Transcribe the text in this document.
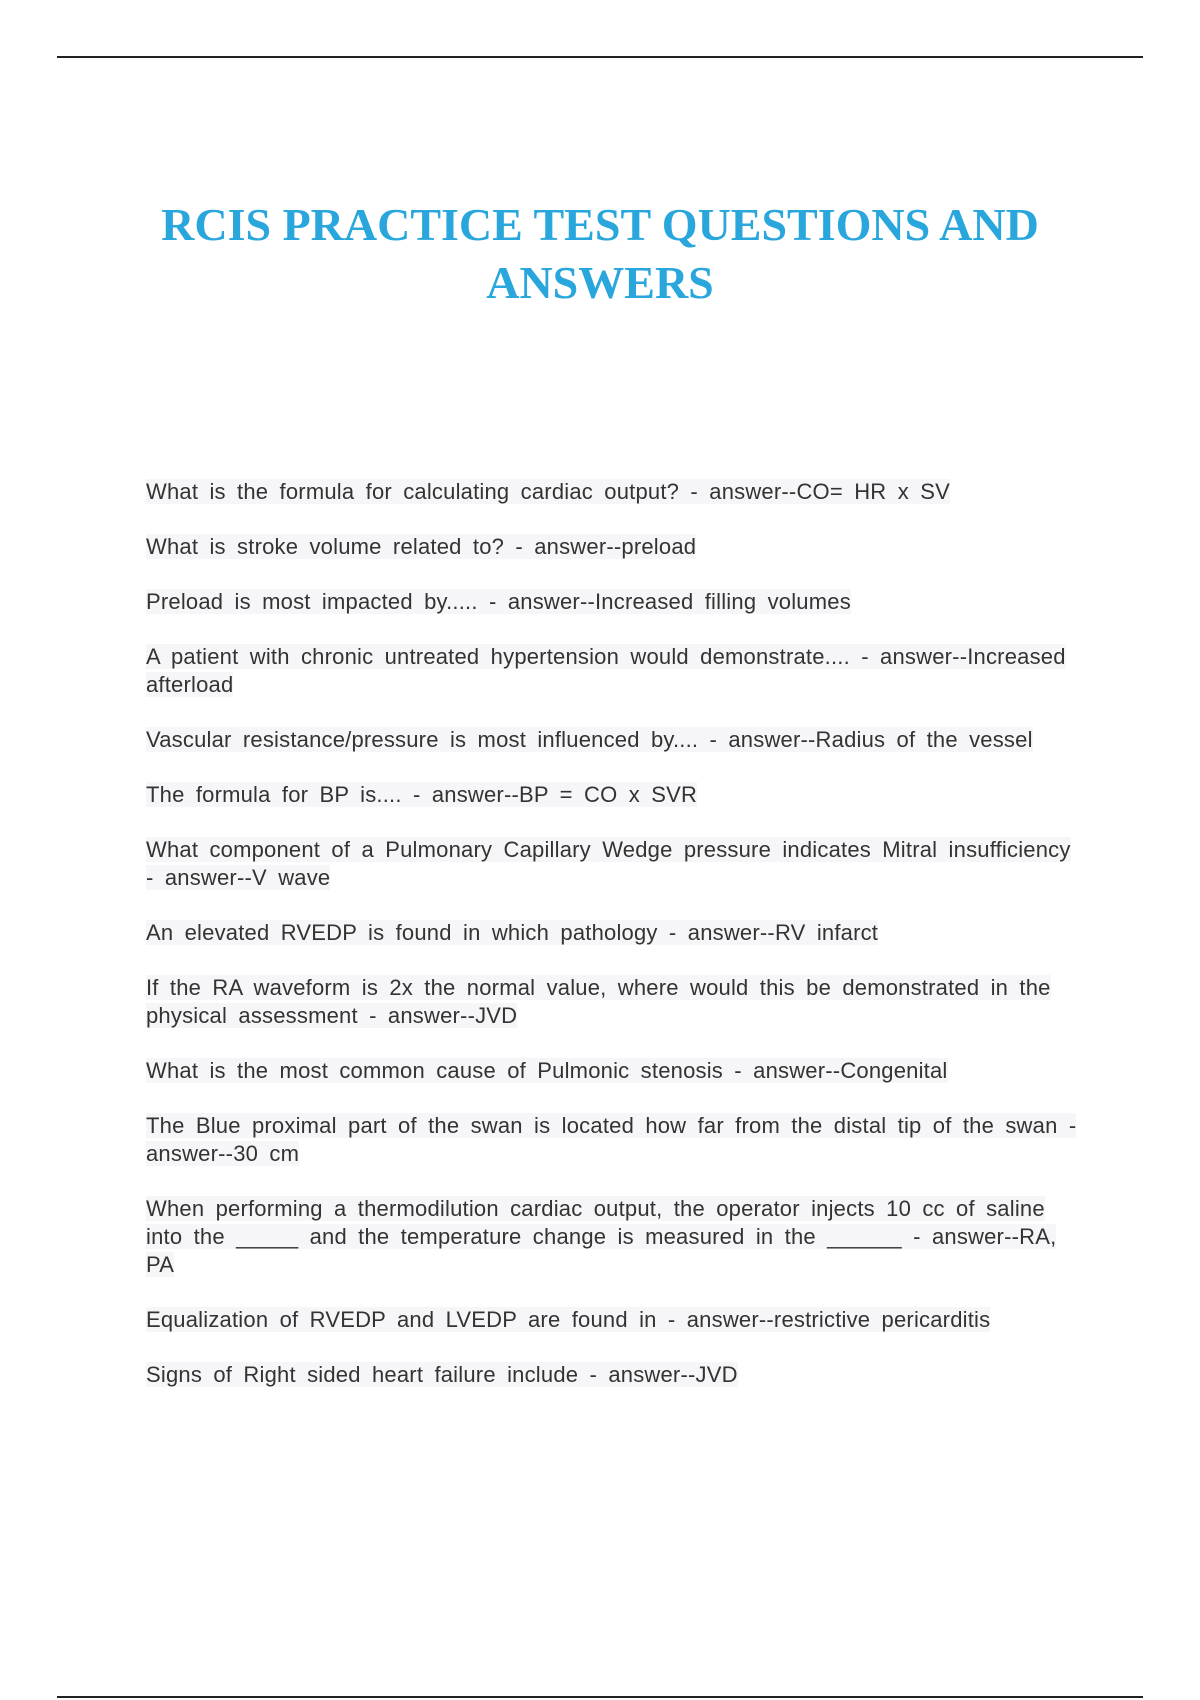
RCIS PRACTICE TEST QUESTIONS AND
ANSWERS
What is the formula for calculating cardiac output? - answer--CO= HR x SV
What is stroke volume related to? - answer--preload
Preload is most impacted by..... - answer--Increased filling volumes
A patient with chronic untreated hypertension would demonstrate.... - answer--Increased afterload
Vascular resistance/pressure is most influenced by.... - answer--Radius of the vessel
The formula for BP is.... - answer--BP = CO x SVR
What component of a Pulmonary Capillary Wedge pressure indicates Mitral insufficiency - answer--V wave
An elevated RVEDP is found in which pathology - answer--RV infarct
If the RA waveform is 2x the normal value, where would this be demonstrated in the physical assessment - answer--JVD
What is the most common cause of Pulmonic stenosis - answer--Congenital
The Blue proximal part of the swan is located how far from the distal tip of the swan - answer--30 cm
When performing a thermodilution cardiac output, the operator injects 10 cc of saline into the _____ and the temperature change is measured in the ______ - answer--RA, PA
Equalization of RVEDP and LVEDP are found in - answer--restrictive pericarditis
Signs of Right sided heart failure include - answer--JVD
